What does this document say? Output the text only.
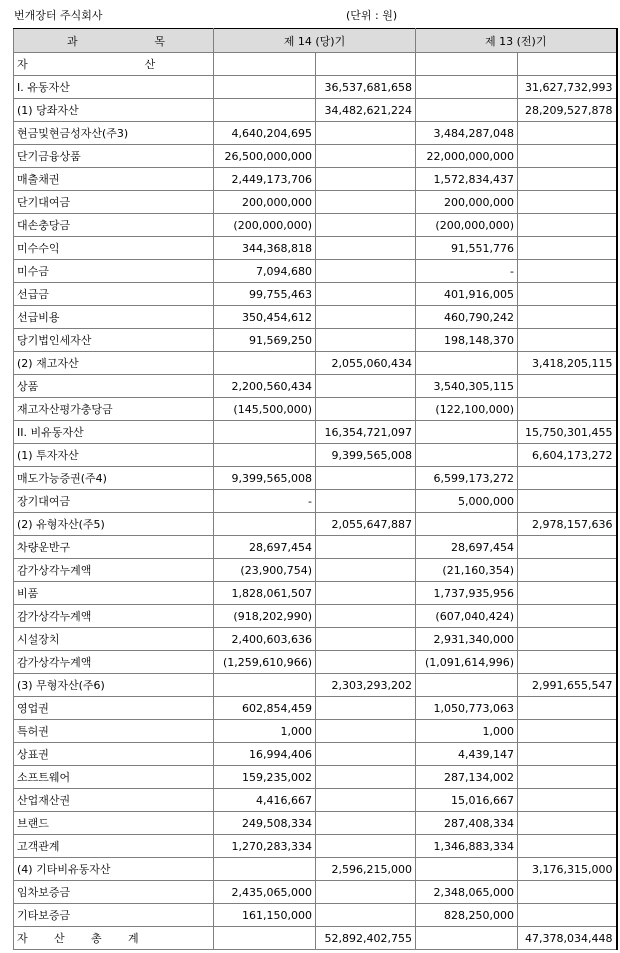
번개장터 주식회사	(단위 : 원)
과 목	제 14 (당)기		제 13 (전)기	
자 산				
I. 유동자산		36,537,681,658		31,627,732,993
(1) 당좌자산		34,482,621,224		28,209,527,878
현금및현금성자산(주3)	4,640,204,695		3,484,287,048	
단기금융상품	26,500,000,000		22,000,000,000	
매출채권	2,449,173,706		1,572,834,437	
단기대여금	200,000,000		200,000,000	
대손충당금	(200,000,000)		(200,000,000)	
미수수익	344,368,818		91,551,776	
미수금	7,094,680		-	
선급금	99,755,463		401,916,005	
선급비용	350,454,612		460,790,242	
당기법인세자산	91,569,250		198,148,370	
(2) 재고자산		2,055,060,434		3,418,205,115
상품	2,200,560,434		3,540,305,115	
재고자산평가충당금	(145,500,000)		(122,100,000)	
II. 비유동자산		16,354,721,097		15,750,301,455
(1) 투자자산		9,399,565,008		6,604,173,272
매도가능증권(주4)	9,399,565,008		6,599,173,272	
장기대여금	-		5,000,000	
(2) 유형자산(주5)		2,055,647,887		2,978,157,636
차량운반구	28,697,454		28,697,454	
감가상각누계액	(23,900,754)		(21,160,354)	
비품	1,828,061,507		1,737,935,956	
감가상각누계액	(918,202,990)		(607,040,424)	
시설장치	2,400,603,636		2,931,340,000	
감가상각누계액	(1,259,610,966)		(1,091,614,996)	
(3) 무형자산(주6)		2,303,293,202		2,991,655,547
영업권	602,854,459		1,050,773,063	
특허권	1,000		1,000	
상표권	16,994,406		4,439,147	
소프트웨어	159,235,002		287,134,002	
산업재산권	4,416,667		15,016,667	
브랜드	249,508,334		287,408,334	
고객관계	1,270,283,334		1,346,883,334	
(4) 기타비유동자산		2,596,215,000		3,176,315,000
임차보증금	2,435,065,000		2,348,065,000	
기타보증금	161,150,000		828,250,000	

자 산 총 계		52,892,402,755		47,378,034,448
